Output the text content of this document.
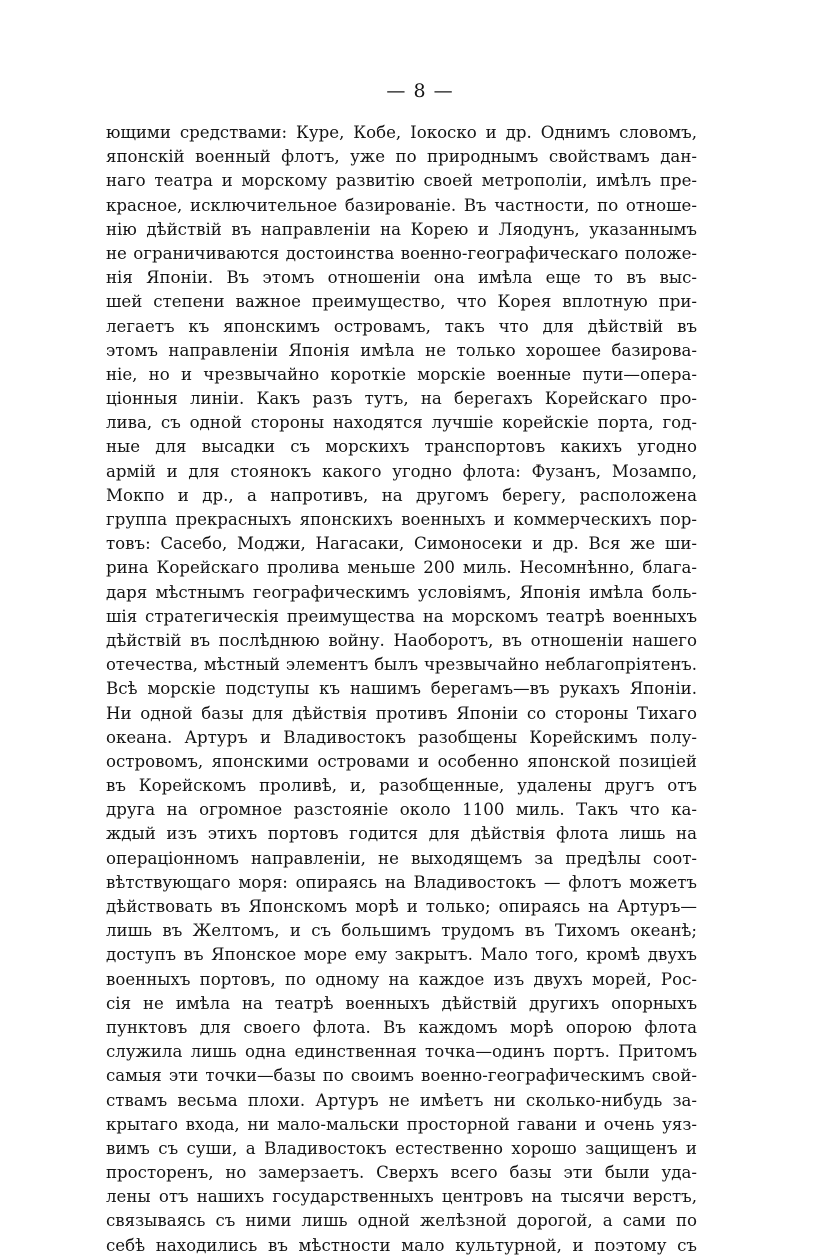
— 8 —
ющими средствами: Куре, Кобе, Іокоско и др. Однимъ словомъ,
японскій военный флотъ, уже по природнымъ свойствамъ дан-
наго театра и морскому развитію своей метрополіи, имѣлъ пре-
красное, исключительное базированіе. Въ частности, по отноше-
нію дѣйствій въ направленіи на Корею и Ляодунъ, указаннымъ
не ограничиваются достоинства военно-географическаго положе-
нія Японіи. Въ этомъ отношеніи она имѣла еще то въ выс-
шей степени важное преимущество, что Корея вплотную при-
легаетъ къ японскимъ островамъ, такъ что для дѣйствій въ
этомъ направленіи Японія имѣла не только хорошее базирова-
ніе, но и чрезвычайно короткіе морскіе военные пути—опера-
ціонныя линіи. Какъ разъ тутъ, на берегахъ Корейскаго про-
лива, съ одной стороны находятся лучшіе корейскіе порта, год-
ные для высадки съ морскихъ транспортовъ какихъ угодно
армій и для стоянокъ какого угодно флота: Фузанъ, Мозампо,
Мокпо и др., а напротивъ, на другомъ берегу, расположена
группа прекрасныхъ японскихъ военныхъ и коммерческихъ пор-
товъ: Сасебо, Моджи, Нагасаки, Симоносеки и др. Вся же ши-
рина Корейскаго пролива меньше 200 миль. Несомнѣнно, блага-
даря мѣстнымъ географическимъ условіямъ, Японія имѣла боль-
шія стратегическія преимущества на морскомъ театрѣ военныхъ
дѣйствій въ послѣднюю войну. Наоборотъ, въ отношеніи нашего
отечества, мѣстный элементъ былъ чрезвычайно неблагопріятенъ.
Всѣ морскіе подступы къ нашимъ берегамъ—въ рукахъ Японіи.
Ни одной базы для дѣйствія противъ Японіи со стороны Тихаго
океана. Артуръ и Владивостокъ разобщены Корейскимъ полу-
островомъ, японскими островами и особенно японской позиціей
въ Корейскомъ проливѣ, и, разобщенные, удалены другъ отъ
друга на огромное разстояніе около 1100 миль. Такъ что ка-
ждый изъ этихъ портовъ годится для дѣйствія флота лишь на
операціонномъ направленіи, не выходящемъ за предѣлы соот-
вѣтствующаго моря: опираясь на Владивостокъ — флотъ можетъ
дѣйствовать въ Японскомъ морѣ и только; опираясь на Артуръ—
лишь въ Желтомъ, и съ большимъ трудомъ въ Тихомъ океанѣ;
доступъ въ Японское море ему закрытъ. Мало того, кромѣ двухъ
военныхъ портовъ, по одному на каждое изъ двухъ морей, Рос-
сія не имѣла на театрѣ военныхъ дѣйствій другихъ опорныхъ
пунктовъ для своего флота. Въ каждомъ морѣ опорою флота
служила лишь одна единственная точка—одинъ портъ. Притомъ
самыя эти точки—базы по своимъ военно-географическимъ свой-
ствамъ весьма плохи. Артуръ не имѣетъ ни сколько-нибудь за-
крытаго входа, ни мало-мальски просторной гавани и очень уяз-
вимъ съ суши, а Владивостокъ естественно хорошо защищенъ и
просторенъ, но замерзаетъ. Сверхъ всего базы эти были уда-
лены отъ нашихъ государственныхъ центровъ на тысячи верстъ,
связываясь съ ними лишь одной желѣзной дорогой, а сами по
себѣ находились въ мѣстности мало культурной, и поэтому съ
